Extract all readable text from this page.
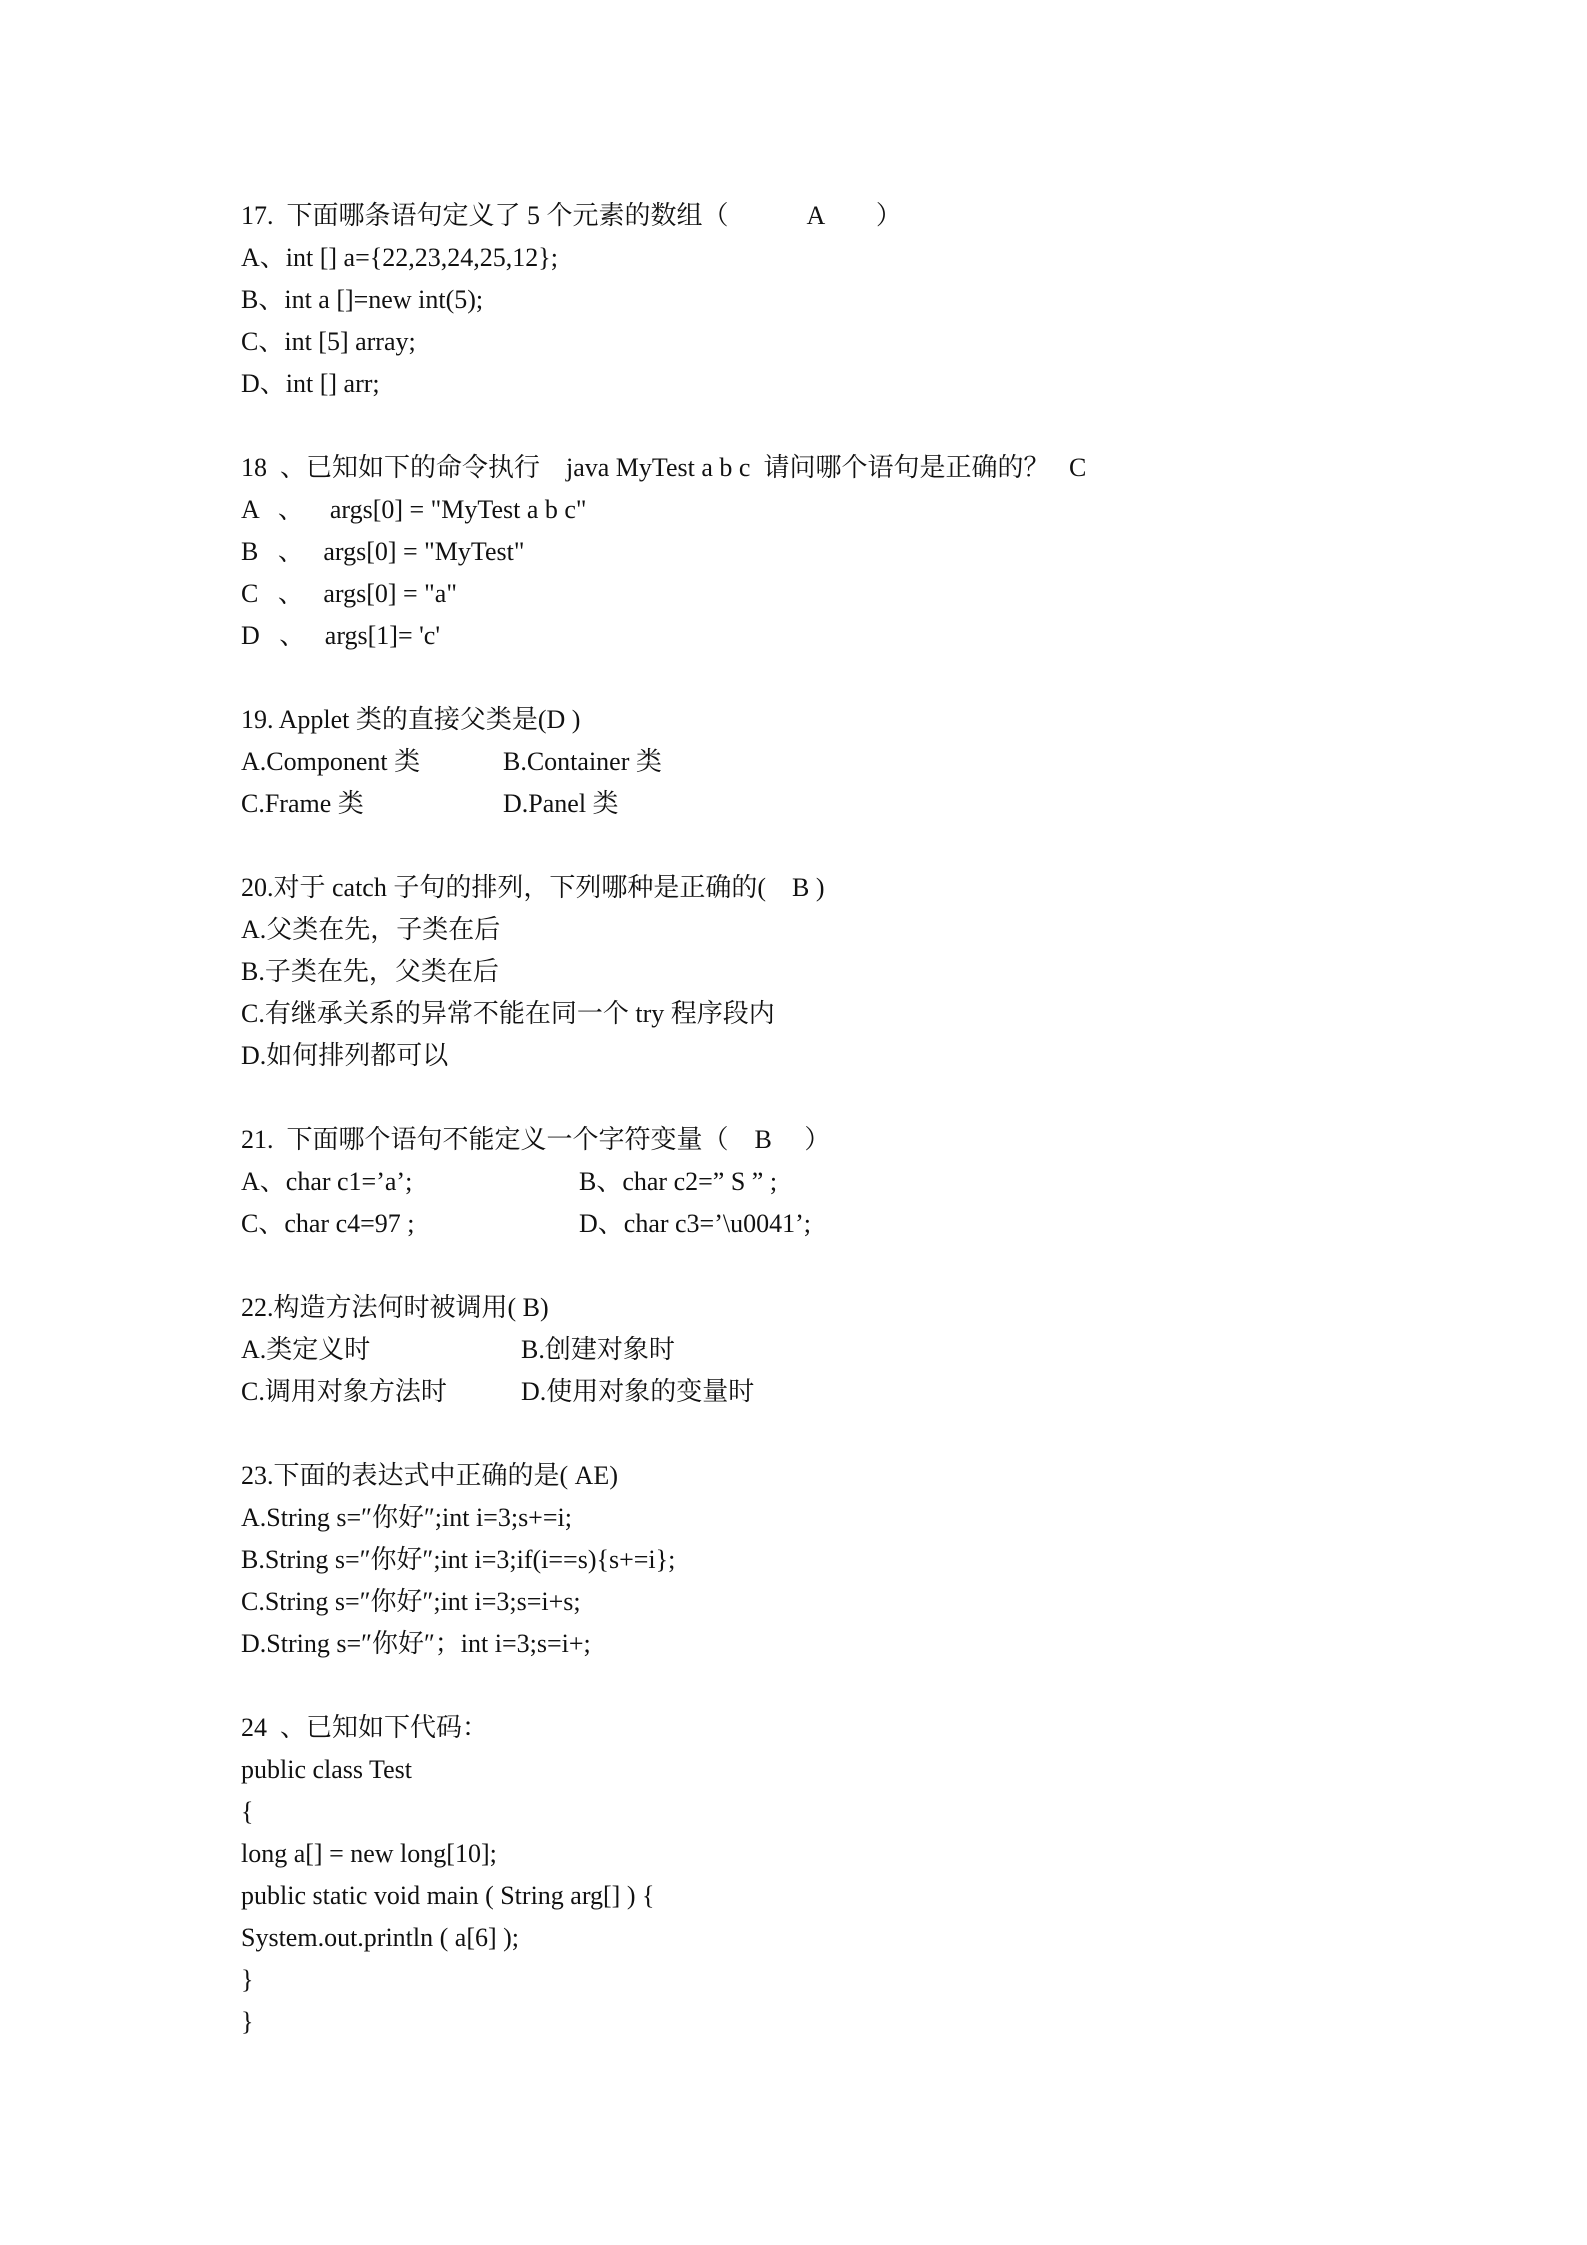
17.  下面哪条语句定义了 5 个元素的数组（            A        ）
A、int [] a={22,23,24,25,12};
B、int a []=new int(5);
C、int [5] array;
D、int [] arr;
18  、已知如下的命令执行    java MyTest a b c  请问哪个语句是正确的？   C
A   、    args[0] = "MyTest a b c"
B   、   args[0] = "MyTest"
C   、   args[0] = "a"
D   、   args[1]= 'c'
19. Applet 类的直接父类是(D )
A.Component 类	B.Container 类
C.Frame 类	D.Panel 类
20.对于 catch 子句的排列，下列哪种是正确的(    B )
A.父类在先，子类在后
B.子类在先，父类在后
C.有继承关系的异常不能在同一个 try 程序段内
D.如何排列都可以
21.  下面哪个语句不能定义一个字符变量（    B     ）
A、char c1=’a’;	B、char c2=” S ” ;
C、char c4=97 ;	D、char c3=’\u0041’;
22.构造方法何时被调用( B)
A.类定义时	B.创建对象时
C.调用对象方法时	D.使用对象的变量时
23.下面的表达式中正确的是( AE)
A.String s=″你好″;int i=3;s+=i;
B.String s=″你好″;int i=3;if(i==s){s+=i};
C.String s=″你好″;int i=3;s=i+s;
D.String s=″你好″；int i=3;s=i+;
24  、已知如下代码：
public class Test
{
long a[] = new long[10];
public static void main ( String arg[] ) {
System.out.println ( a[6] );
}
}
